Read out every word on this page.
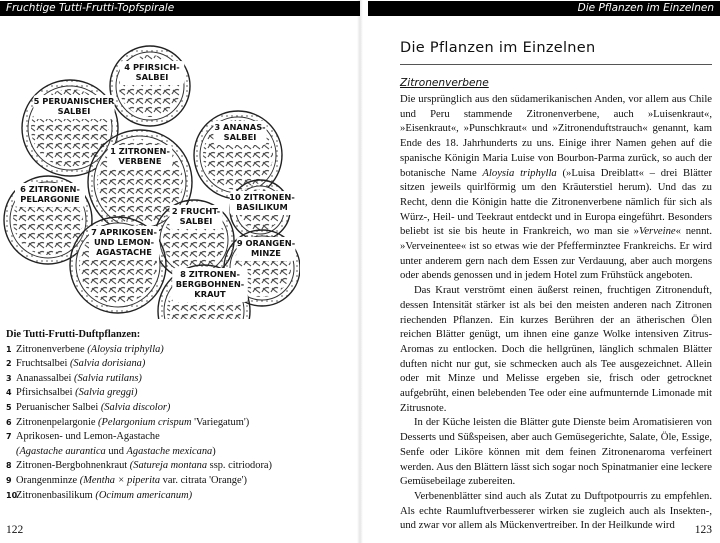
Fruchtige Tutti-Frutti-Topfspirale
1 ZITRONEN-
VERBENE
2 FRUCHT-
SALBEI
3 ANANAS-
SALBEI
4 PFIRSICH-
SALBEI
5 PERUANISCHER
SALBEI
6 ZITRONEN-
PELARGONIE
7 APRIKOSEN-
UND LEMON-
AGASTACHE
8 ZITRONEN-
BERGBOHNEN-
KRAUT
9 ORANGEN-
MINZE
10 ZITRONEN-
BASILIKUM
Die Tutti-Frutti-Duftpflanzen:
1 Zitronenverbene (Aloysia triphylla)
2 Fruchtsalbei (Salvia dorisiana)
3 Ananassalbei (Salvia rutilans)
4 Pfirsichsalbei (Salvia greggi)
5 Peruanischer Salbei (Salvia discolor)
6 Zitronenpelargonie (Pelargonium crispum 'Variegatum')
7 Aprikosen- und Lemon-Agastache
(Agastache aurantica und Agastache mexicana)
8 Zitronen-Bergbohnenkraut (Satureja montana ssp. citriodora)
9 Orangenminze (Mentha × piperita var. citrata 'Orange')
10Zitronenbasilikum (Ocimum americanum)
122
Die Pflanzen im Einzelnen
Die Pflanzen im Einzelnen
Zitronenverbene

Die ursprünglich aus den südamerikanischen Anden, vor allem aus Chile und Peru stammende Zitronenverbene, auch »Luisenkraut«, »Eisenkraut«, »Punschkraut« und »Zitronenduftstrauch« genannt, kam Ende des 18. Jahrhunderts zu uns. Einige ihrer Namen gehen auf die spanische Königin Maria Luise von Bourbon-Parma zurück, so auch der botanische Name Aloysia triphylla (»Luisa Dreiblatt« – drei Blätter sitzen jeweils quirlförmig um den Kräuterstiel herum). Und das zu Recht, denn die Königin hatte die Zitronenverbene nämlich für sich als Würz-, Heil- und Teekraut entdeckt und in Europa eingeführt. Besonders beliebt ist sie bis heute in Frankreich, wo man sie »Verveine« nennt. »Verveinentee« ist so etwas wie der Pfefferminztee Frankreichs. Er wird unter anderem gern nach dem Essen zur Verdauung, aber auch morgens oder abends genossen und in jedem Hotel zum Frühstück angeboten.

Das Kraut verströmt einen äußerst reinen, fruchtigen Zitronenduft, dessen Intensität stärker ist als bei den meisten anderen nach Zitronen riechenden Pflanzen. Ein kurzes Berühren der an ätherischen Ölen reichen Blätter genügt, um ihnen eine ganze Wolke intensiven Zitrus-Aromas zu entlocken. Doch die hellgrünen, länglich schmalen Blätter duften nicht nur gut, sie schmecken auch als Tee ausgezeichnet. Allein oder mit Minze und Melisse ergeben sie, frisch oder getrocknet aufgebrüht, einen belebenden Tee oder eine aufmunternde Limonade mit Zitrusnote.

In der Küche leisten die Blätter gute Dienste beim Aromatisieren von Desserts und Süßspeisen, aber auch Gemüsegerichte, Salate, Öle, Essige, Senfe oder Liköre können mit dem feinen Zitronenaroma verfeinert werden. Aus den Blättern lässt sich sogar noch Spinatmanier eine leckere Gemüsebeilage zubereiten.

Verbenenblätter sind auch als Zutat zu Duftpotpourris zu empfehlen. Als echte Raumluftverbesserer wirken sie zugleich auch als Insekten-, und zwar vor allem als Mückenvertreiber. In der Heilkunde wird	123
